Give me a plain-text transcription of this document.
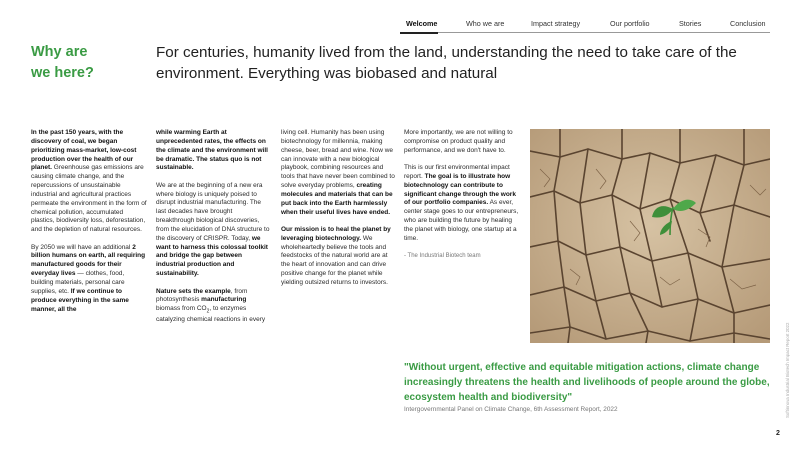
Welcome	Who we are	Impact strategy	Our portfolio	Stories	Conclusion
Why are
we here?
For centuries, humanity lived from the land, understanding the need to take care of the environment. Everything was biobased and natural

In the past 150 years, with the discovery of coal, we began prioritizing mass-market, low-cost production over the health of our planet. Greenhouse gas emissions are causing climate change, and the repercussions of unsustainable industrial and agricultural practices permeate the environment in the form of chemical pollution, accumulated plastics, biodiversity loss, deforestation, and the depletion of natural resources.

By 2050 we will have an additional 2 billion humans on earth, all requiring manufactured goods for their everyday lives — clothes, food, building materials, personal care supplies, etc. If we continue to produce everything in the same manner, all the

while warming Earth at unprecedented rates, the effects on the climate and the environment will be dramatic. The status quo is not sustainable.

We are at the beginning of a new era where biology is uniquely poised to disrupt industrial manufacturing. The last decades have brought breakthrough biological discoveries, from the elucidation of DNA structure to the discovery of CRISPR. Today, we want to harness this colossal toolkit and bridge the gap between industrial production and sustainability.

Nature sets the example, from photosynthesis manufacturing biomass from $CO_2$, to enzymes catalyzing chemical reactions in every

living cell. Humanity has been using biotechnology for millennia, making cheese, beer, bread and wine. Now we can innovate with a new biological playbook, combining resources and tools that have never been combined to solve everyday problems, creating molecules and materials that can be put back into the Earth harmlessly when their useful lives have ended.

Our mission is to heal the planet by leveraging biotechnology. We wholeheartedly believe the tools and feedstocks of the natural world are at the heart of innovation and can drive positive change for the planet while yielding outsized returns to investors.

More importantly, we are not willing to compromise on product quality and performance, and we don't have to.

This is our first environmental impact report. The goal is to illustrate how biotechnology can contribute to significant change through the work of our portfolio companies. As ever, center stage goes to our entrepreneurs, who are building the future by healing the planet with biology, one startup at a time.

- The Industrial Biotech team

"Without urgent, effective and equitable mitigation actions, climate change increasingly threatens the health and livelihoods of people around the globe, ecosystem health and biodiversity"
Intergovernmental Panel on Climate Change, 6th Assessment Report, 2022	Softinnova Industrial Biotech Impact Report 2022
2
